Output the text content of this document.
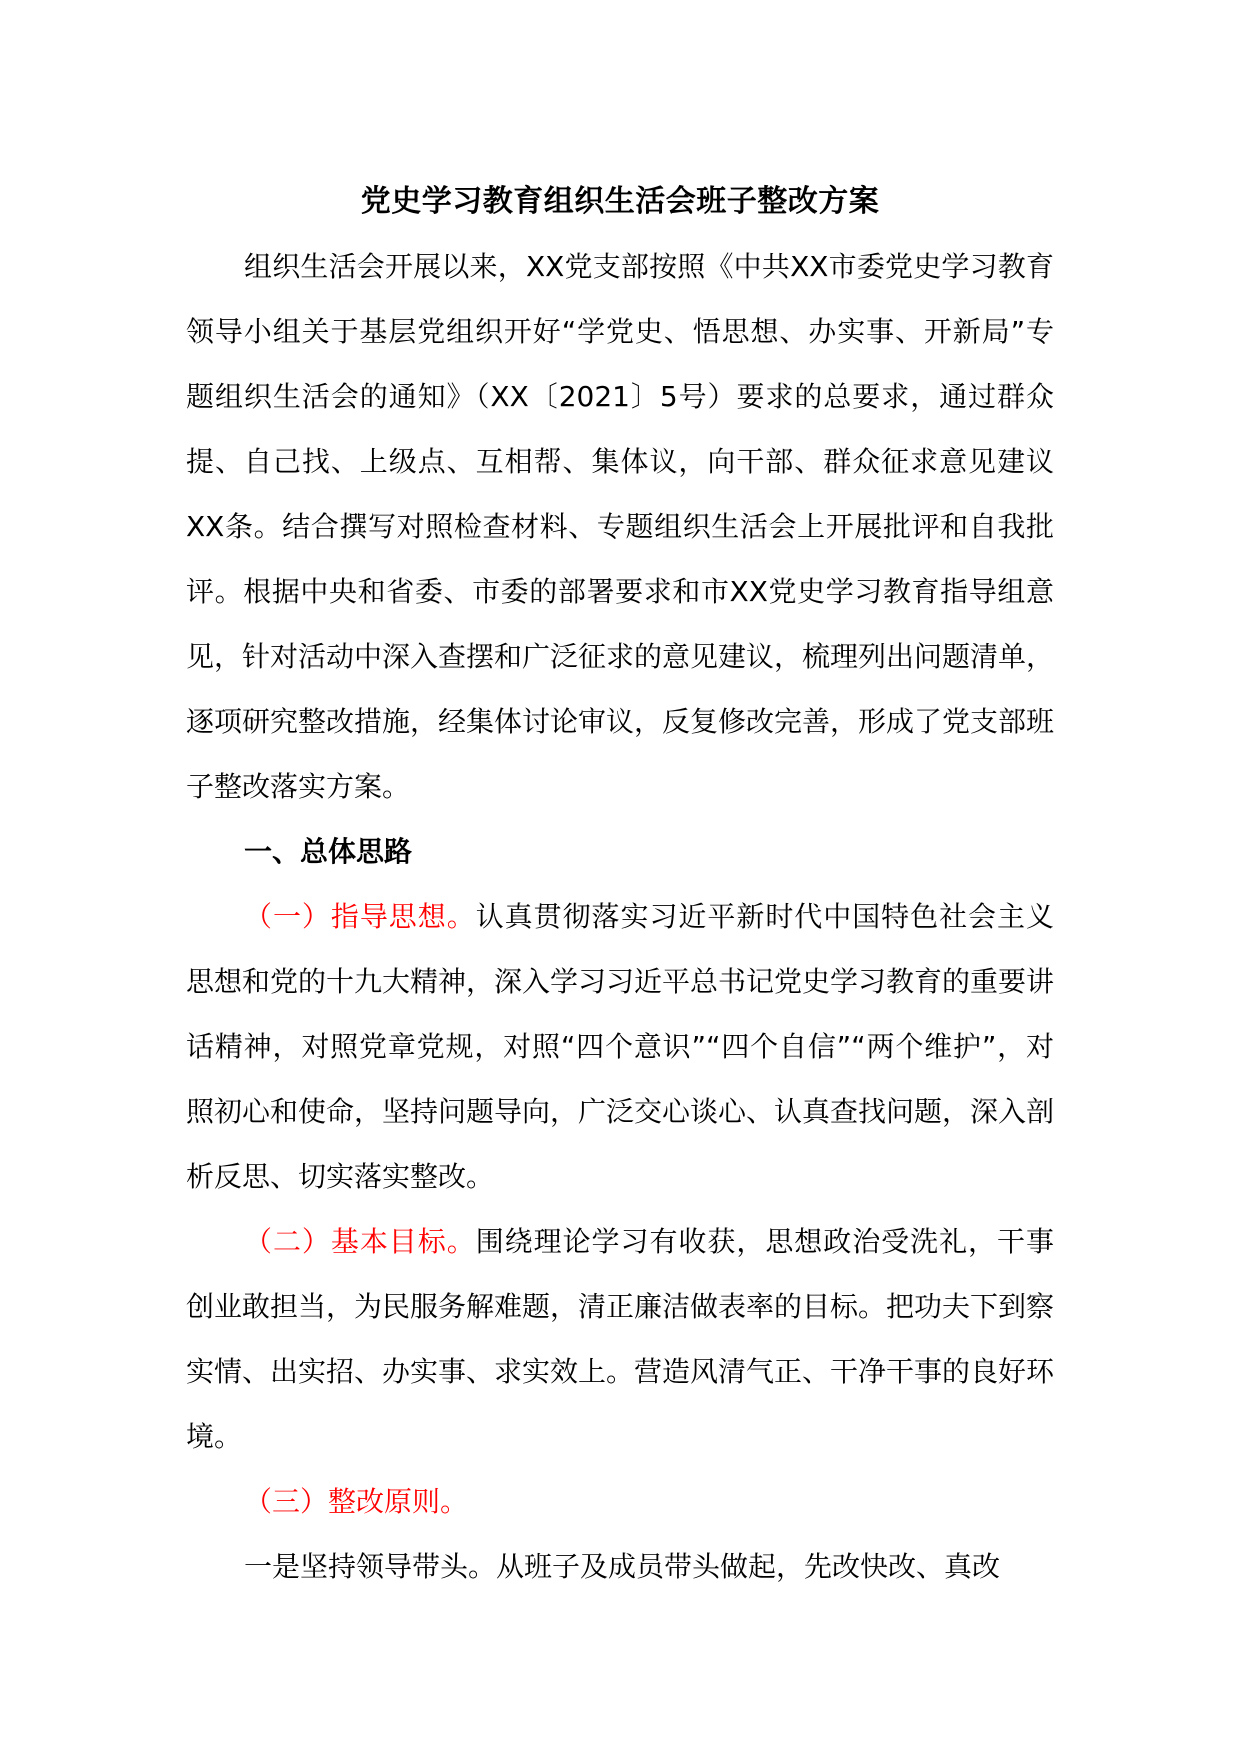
党史学习教育组织生活会班子整改方案

组织生活会开展以来，XX党支部按照《中共XX市委党史学习教育领导小组关于基层党组织开好“学党史、悟思想、办实事、开新局”专题组织生活会的通知》（XX〔2021〕5号）要求的总要求，通过群众提、自己找、上级点、互相帮、集体议，向干部、群众征求意见建议XX条。结合撰写对照检查材料、专题组织生活会上开展批评和自我批评。根据中央和省委、市委的部署要求和市XX党史学习教育指导组意见，针对活动中深入查摆和广泛征求的意见建议，梳理列出问题清单，逐项研究整改措施，经集体讨论审议，反复修改完善，形成了党支部班子整改落实方案。

一、总体思路

（一）指导思想。认真贯彻落实习近平新时代中国特色社会主义思想和党的十九大精神，深入学习习近平总书记党史学习教育的重要讲话精神，对照党章党规，对照“四个意识”“四个自信”“两个维护”，对照初心和使命，坚持问题导向，广泛交心谈心、认真查找问题，深入剖析反思、切实落实整改。

（二）基本目标。围绕理论学习有收获，思想政治受洗礼，干事创业敢担当，为民服务解难题，清正廉洁做表率的目标。把功夫下到察实情、出实招、办实事、求实效上。营造风清气正、干净干事的良好环境。

（三）整改原则。

一是坚持领导带头。从班子及成员带头做起，先改快改、真改
